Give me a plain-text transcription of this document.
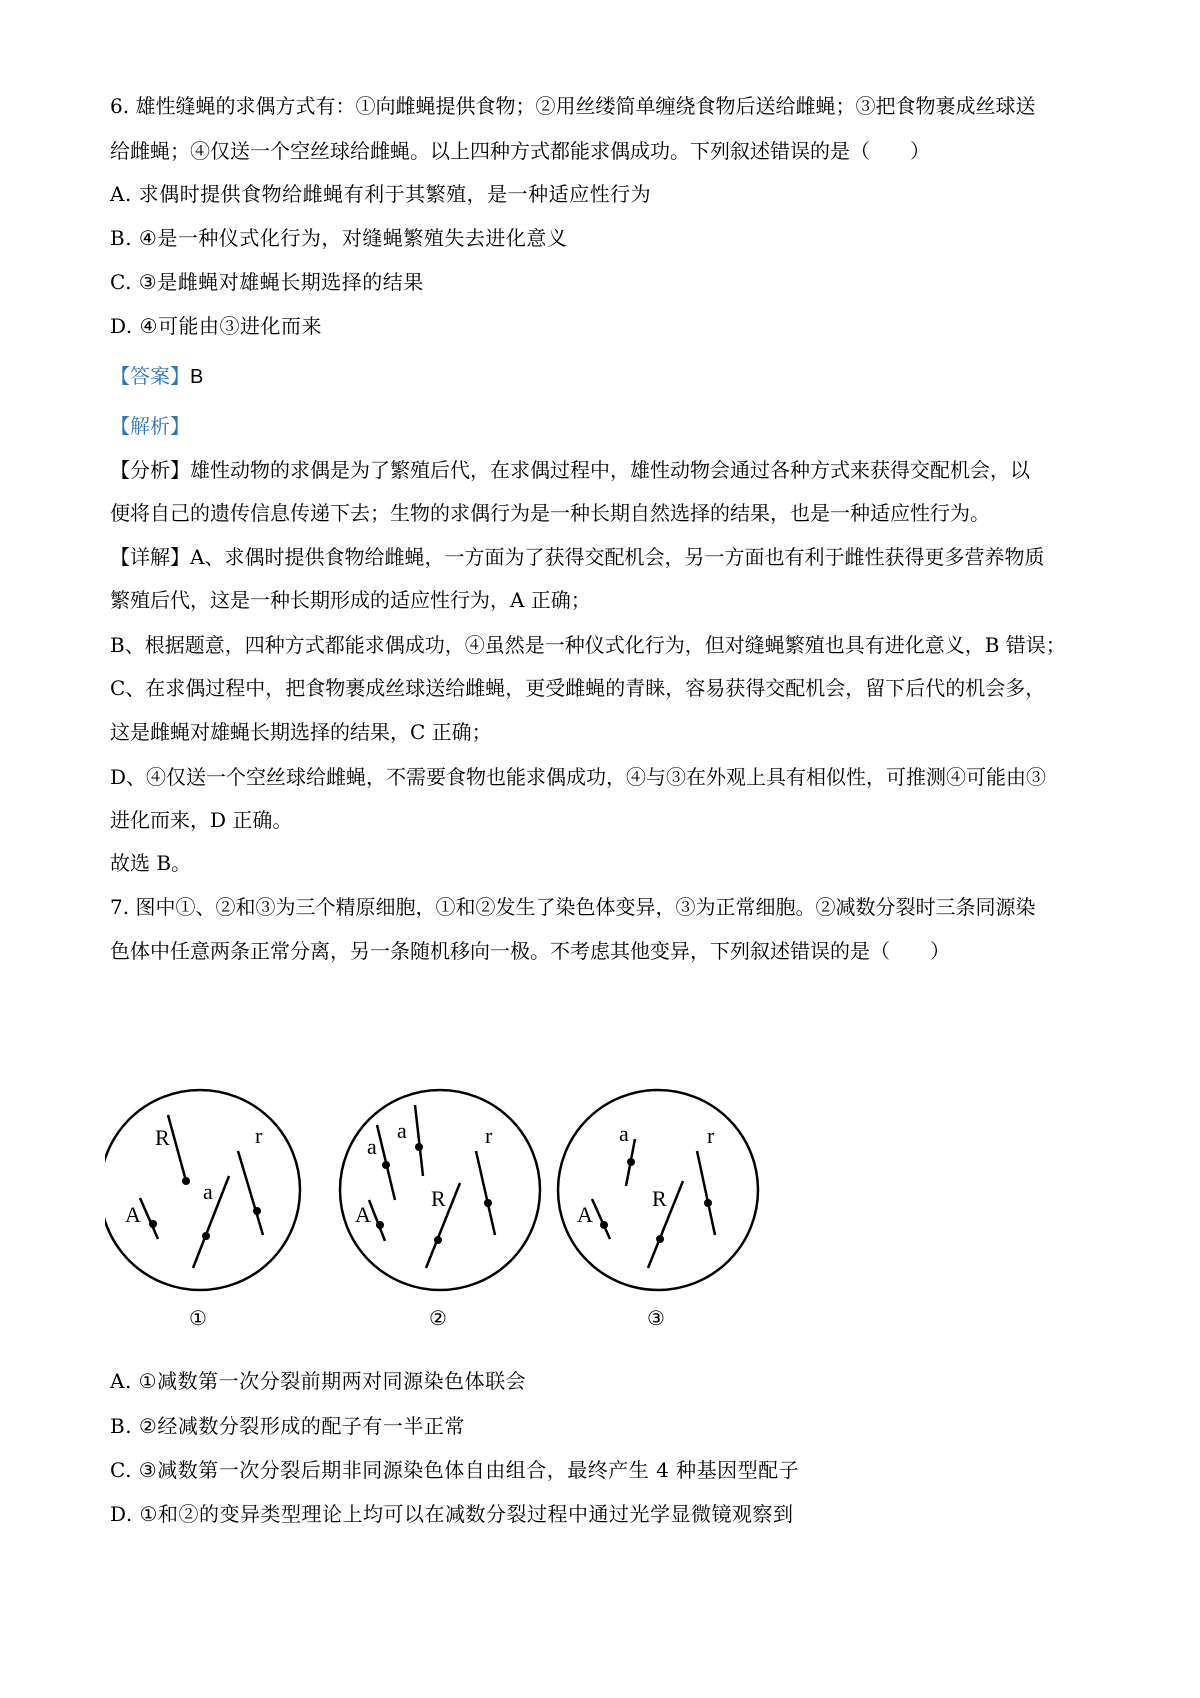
6. 雄性缝蝇的求偶方式有：①向雌蝇提供食物；②用丝缕简单缠绕食物后送给雌蝇；③把食物裹成丝球送
给雌蝇；④仅送一个空丝球给雌蝇。以上四种方式都能求偶成功。下列叙述错误的是（　　）
A. 求偶时提供食物给雌蝇有利于其繁殖，是一种适应性行为
B. ④是一种仪式化行为，对缝蝇繁殖失去进化意义
C. ③是雌蝇对雄蝇长期选择的结果
D. ④可能由③进化而来
【答案】B
【解析】
【分析】雄性动物的求偶是为了繁殖后代，在求偶过程中，雄性动物会通过各种方式来获得交配机会，以
便将自己的遗传信息传递下去；生物的求偶行为是一种长期自然选择的结果，也是一种适应性行为。
【详解】A、求偶时提供食物给雌蝇，一方面为了获得交配机会，另一方面也有利于雌性获得更多营养物质
繁殖后代，这是一种长期形成的适应性行为，A 正确；
B、根据题意，四种方式都能求偶成功，④虽然是一种仪式化行为，但对缝蝇繁殖也具有进化意义，B 错误；
C、在求偶过程中，把食物裹成丝球送给雌蝇，更受雌蝇的青睐，容易获得交配机会，留下后代的机会多，
这是雌蝇对雄蝇长期选择的结果，C 正确；
D、④仅送一个空丝球给雌蝇，不需要食物也能求偶成功，④与③在外观上具有相似性，可推测④可能由③
进化而来，D 正确。
故选 B。
7. 图中①、②和③为三个精原细胞，①和②发生了染色体变异，③为正常细胞。②减数分裂时三条同源染
色体中任意两条正常分离，另一条随机移向一极。不考虑其他变异，下列叙述错误的是（　　）
R	r
a
A
①
a
a	r
R
A
②
a	r
R
A
③
A. ①减数第一次分裂前期两对同源染色体联会
B. ②经减数分裂形成的配子有一半正常
C. ③减数第一次分裂后期非同源染色体自由组合，最终产生 4 种基因型配子
D. ①和②的变异类型理论上均可以在减数分裂过程中通过光学显微镜观察到
